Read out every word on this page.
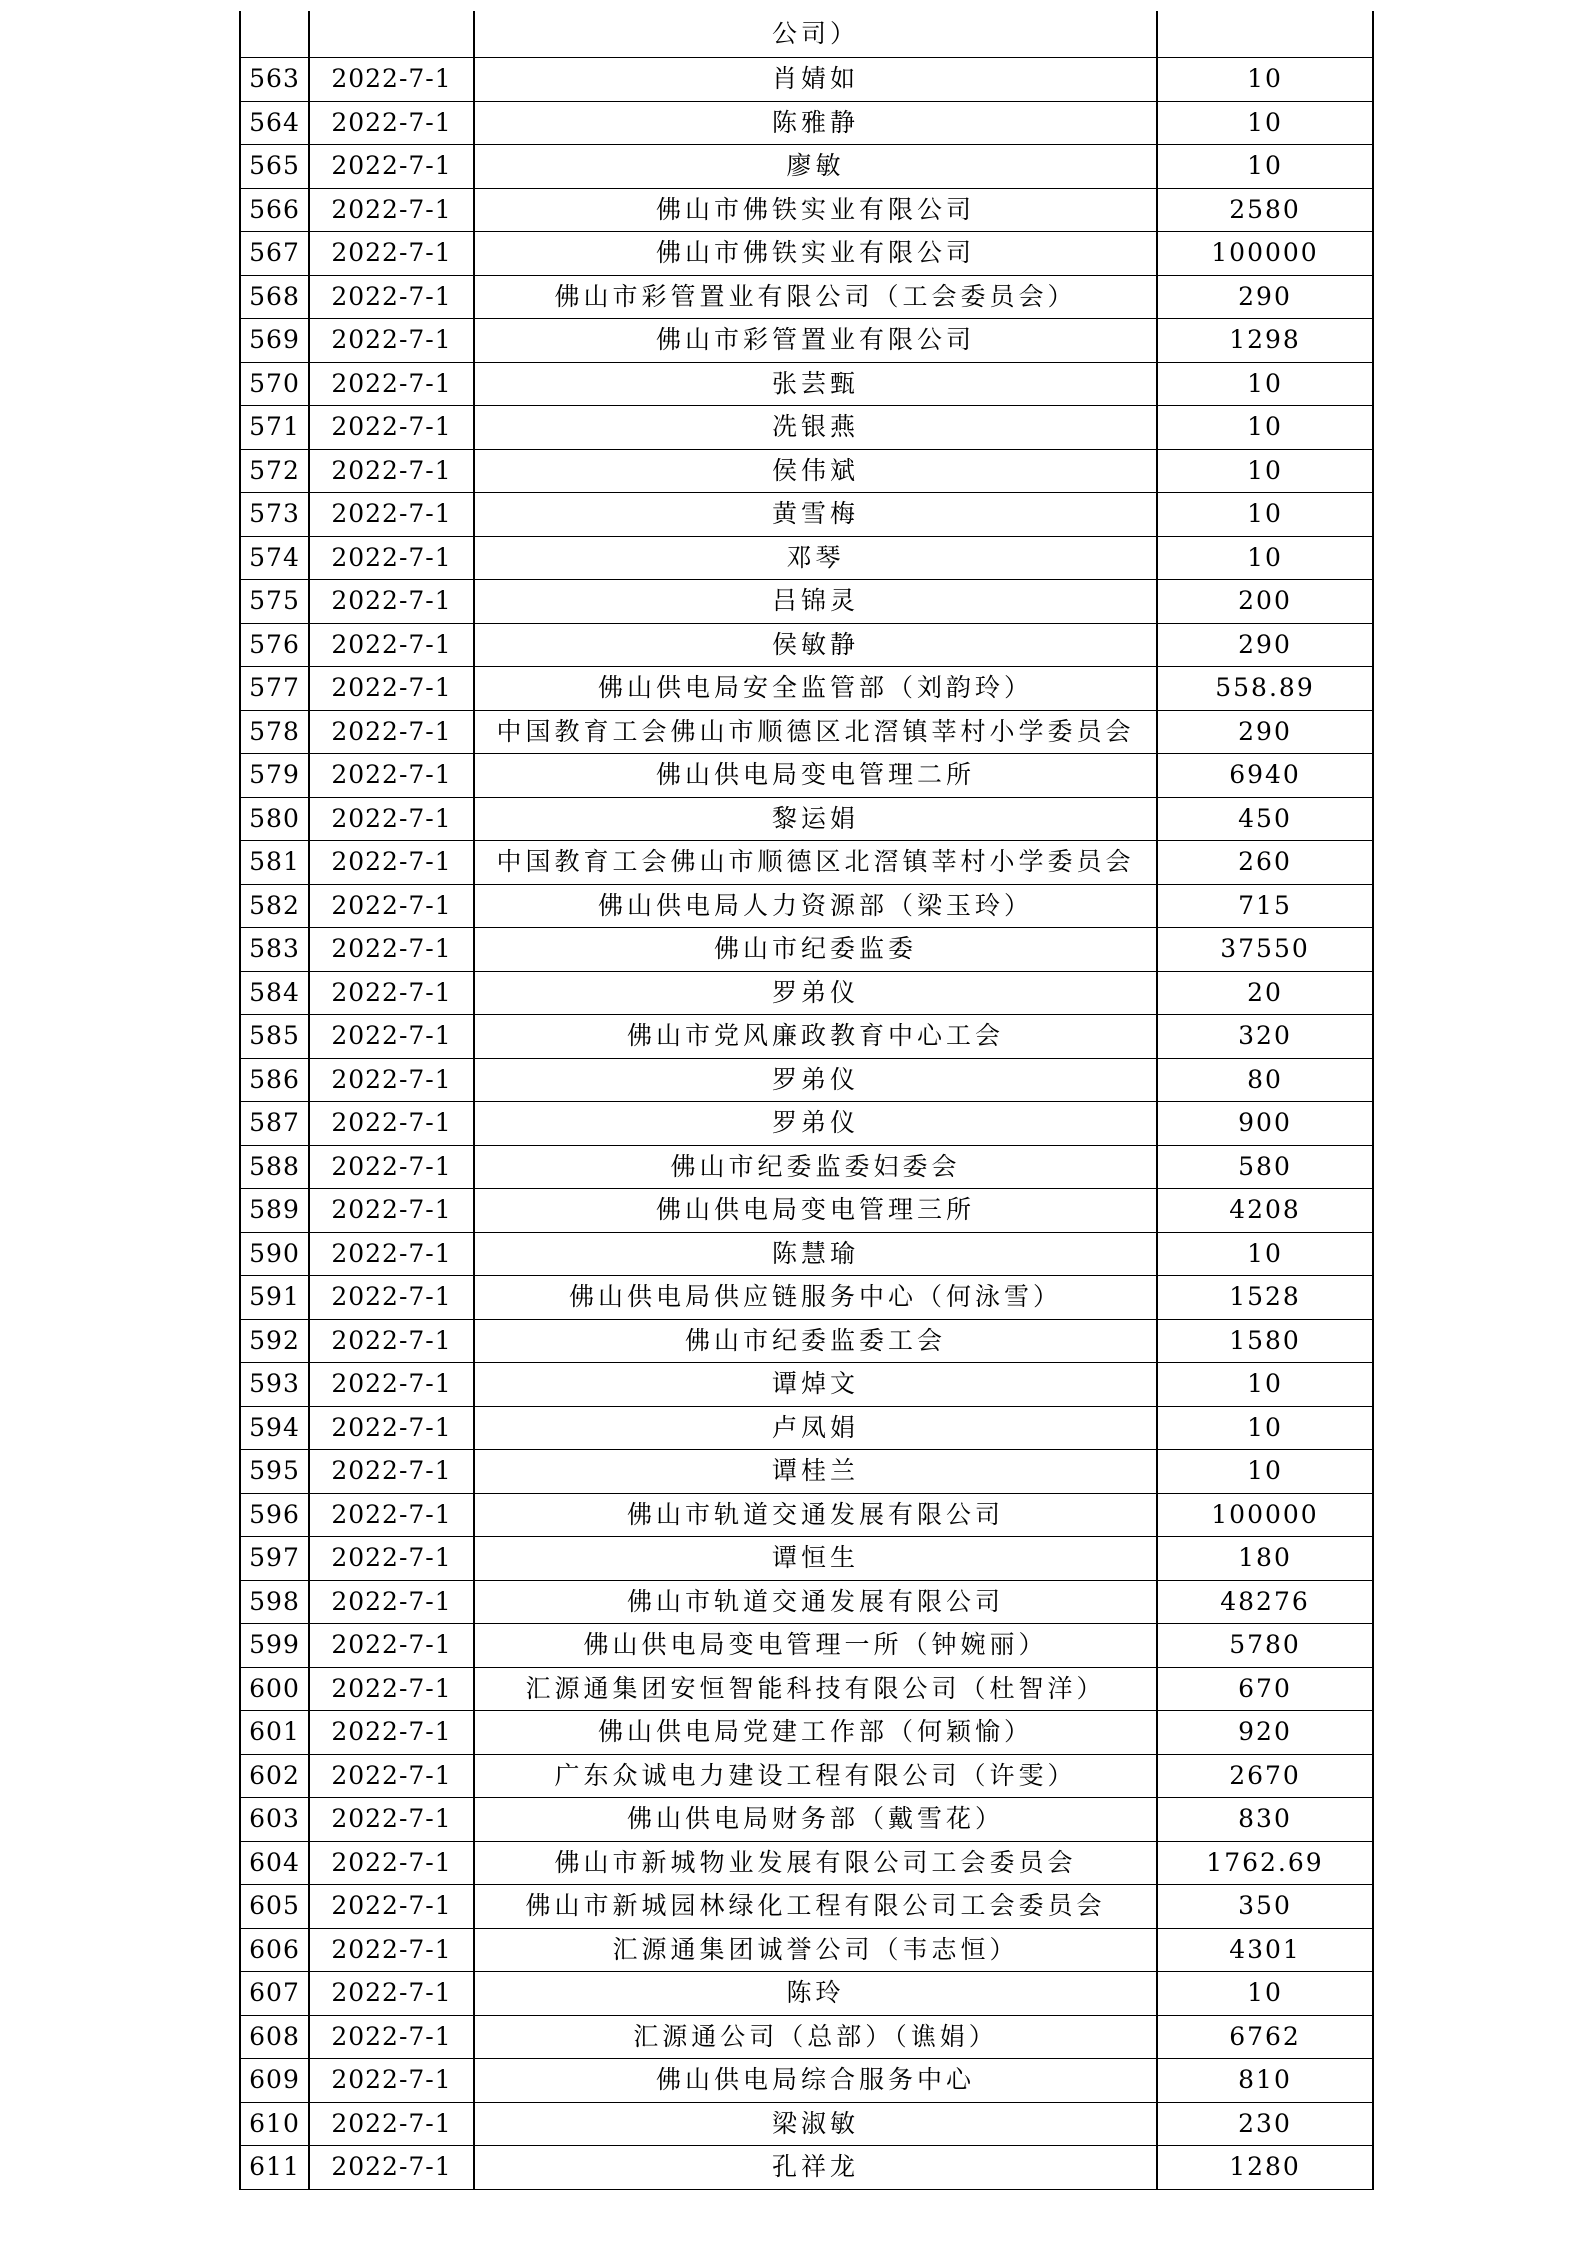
		公司）	
563	2022-7-1	肖婧如	10
564	2022-7-1	陈雅静	10
565	2022-7-1	廖敏	10
566	2022-7-1	佛山市佛铁实业有限公司	2580
567	2022-7-1	佛山市佛铁实业有限公司	100000
568	2022-7-1	佛山市彩管置业有限公司（工会委员会）	290
569	2022-7-1	佛山市彩管置业有限公司	1298
570	2022-7-1	张芸甄	10
571	2022-7-1	冼银燕	10
572	2022-7-1	侯伟斌	10
573	2022-7-1	黄雪梅	10
574	2022-7-1	邓琴	10
575	2022-7-1	吕锦灵	200
576	2022-7-1	侯敏静	290
577	2022-7-1	佛山供电局安全监管部（刘韵玲）	558.89
578	2022-7-1	中国教育工会佛山市顺德区北滘镇莘村小学委员会	290
579	2022-7-1	佛山供电局变电管理二所	6940
580	2022-7-1	黎运娟	450
581	2022-7-1	中国教育工会佛山市顺德区北滘镇莘村小学委员会	260
582	2022-7-1	佛山供电局人力资源部（梁玉玲）	715
583	2022-7-1	佛山市纪委监委	37550
584	2022-7-1	罗弟仪	20
585	2022-7-1	佛山市党风廉政教育中心工会	320
586	2022-7-1	罗弟仪	80
587	2022-7-1	罗弟仪	900
588	2022-7-1	佛山市纪委监委妇委会	580
589	2022-7-1	佛山供电局变电管理三所	4208
590	2022-7-1	陈慧瑜	10
591	2022-7-1	佛山供电局供应链服务中心（何泳雪）	1528
592	2022-7-1	佛山市纪委监委工会	1580
593	2022-7-1	谭焯文	10
594	2022-7-1	卢凤娟	10
595	2022-7-1	谭桂兰	10
596	2022-7-1	佛山市轨道交通发展有限公司	100000
597	2022-7-1	谭恒生	180
598	2022-7-1	佛山市轨道交通发展有限公司	48276
599	2022-7-1	佛山供电局变电管理一所（钟婉丽）	5780
600	2022-7-1	汇源通集团安恒智能科技有限公司（杜智洋）	670
601	2022-7-1	佛山供电局党建工作部（何颖愉）	920
602	2022-7-1	广东众诚电力建设工程有限公司（许雯）	2670
603	2022-7-1	佛山供电局财务部（戴雪花）	830
604	2022-7-1	佛山市新城物业发展有限公司工会委员会	1762.69
605	2022-7-1	佛山市新城园林绿化工程有限公司工会委员会	350
606	2022-7-1	汇源通集团诚誉公司（韦志恒）	4301
607	2022-7-1	陈玲	10
608	2022-7-1	汇源通公司（总部）（谯娟）	6762
609	2022-7-1	佛山供电局综合服务中心	810
610	2022-7-1	梁淑敏	230
611	2022-7-1	孔祥龙	1280
